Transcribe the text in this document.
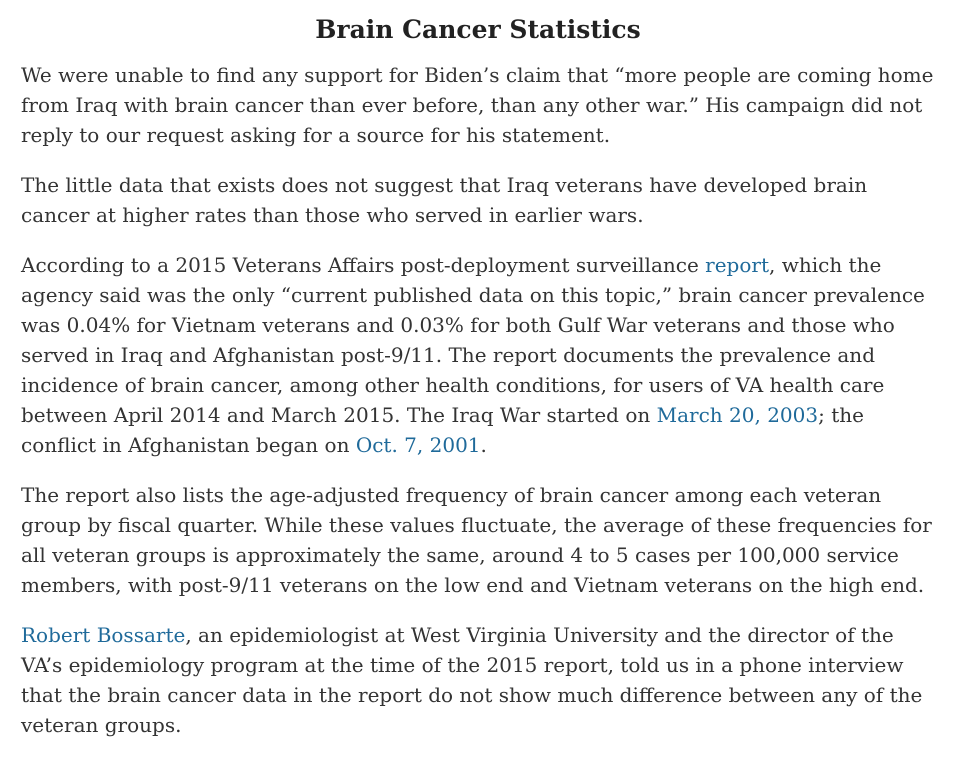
Brain Cancer Statistics

We were unable to find any support for Biden’s claim that “more people are coming home from Iraq with brain cancer than ever before, than any other war.” His campaign did not reply to our request asking for a source for his statement.

The little data that exists does not suggest that Iraq veterans have developed brain cancer at higher rates than those who served in earlier wars.

According to a 2015 Veterans Affairs post-deployment surveillance report, which the agency said was the only “current published data on this topic,” brain cancer prevalence was 0.04% for Vietnam veterans and 0.03% for both Gulf War veterans and those who served in Iraq and Afghanistan post-9/11. The report documents the prevalence and incidence of brain cancer, among other health conditions, for users of VA health care between April 2014 and March 2015. The Iraq War started on March 20, 2003; the conflict in Afghanistan began on Oct. 7, 2001.

The report also lists the age-adjusted frequency of brain cancer among each veteran group by fiscal quarter. While these values fluctuate, the average of these frequencies for all veteran groups is approximately the same, around 4 to 5 cases per 100,000 service members, with post-9/11 veterans on the low end and Vietnam veterans on the high end.

Robert Bossarte, an epidemiologist at West Virginia University and the director of the VA’s epidemiology program at the time of the 2015 report, told us in a phone interview that the brain cancer data in the report do not show much difference between any of the veteran groups.
